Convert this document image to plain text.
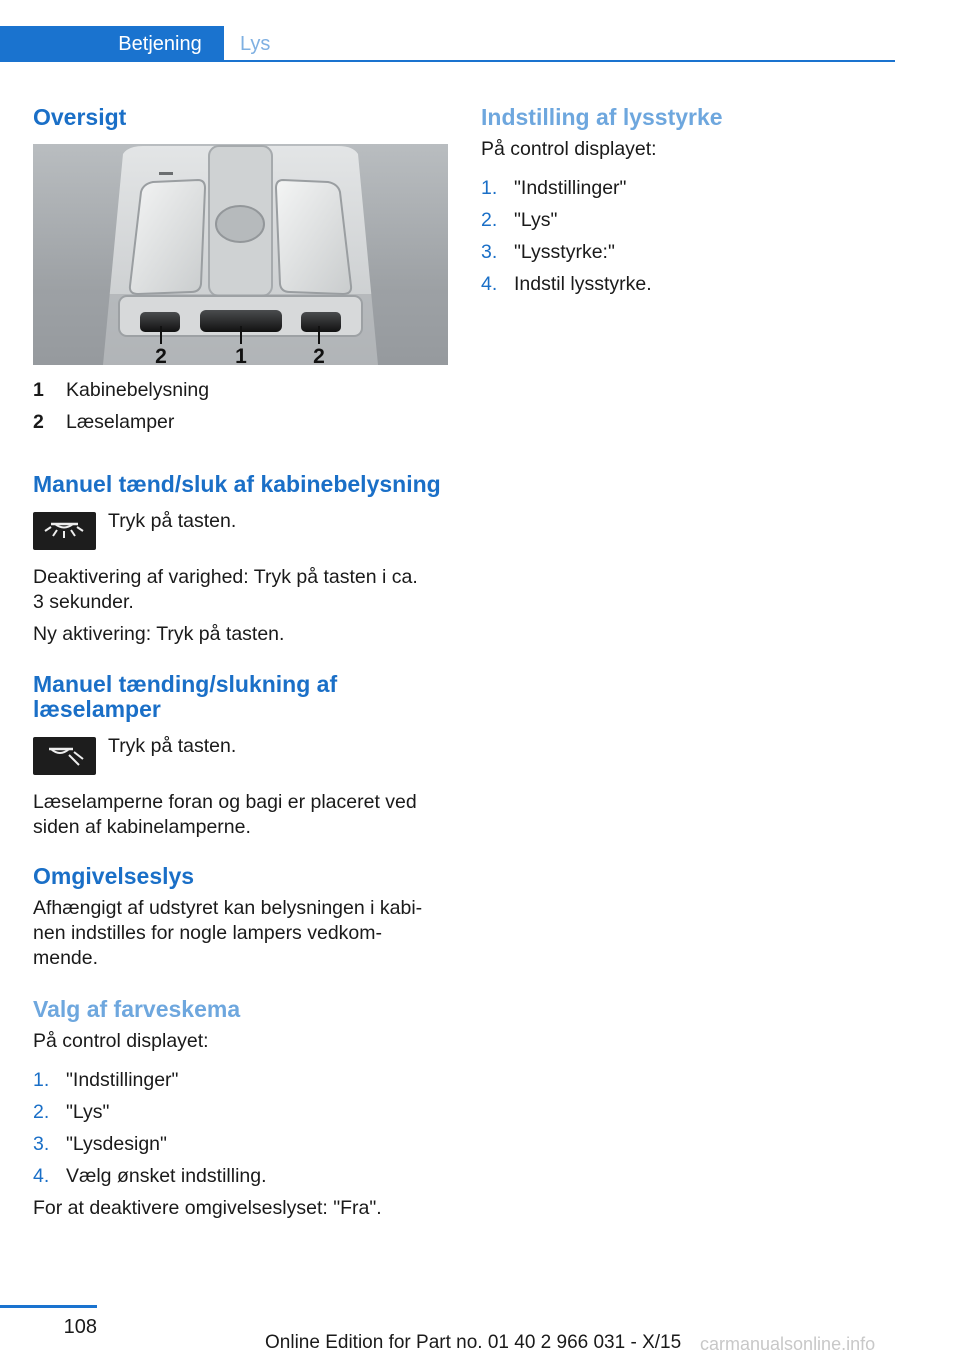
Betjening	Lys
Oversigt
2	1	2
1 Kabinebelysning
2 Læselamper
Manuel tænd/sluk af kabinebelysning

Tryk på tasten.

Deaktivering af varighed: Tryk på tasten i ca.

3 sekunder.

Ny aktivering: Tryk på tasten.

Manuel tænding/slukning af
læselamper

Tryk på tasten.

Læselamperne foran og bagi er placeret ved

siden af kabinelamperne.

Omgivelseslys

Afhængigt af udstyret kan belysningen i kabi‐

nen indstilles for nogle lampers vedkom‐

mende.

Valg af farveskema

På control displayet:

1. "Indstillinger"
2. "Lys"
3. "Lysdesign"
4. Vælg ønsket indstilling.

For at deaktivere omgivelseslyset: "Fra".

Indstilling af lysstyrke

På control displayet:

1. "Indstillinger"
2. "Lys"
3. "Lysstyrke:"
4. Indstil lysstyrke.
108
Online Edition for Part no. 01 40 2 966 031 - X/15 carmanualsonline.info
